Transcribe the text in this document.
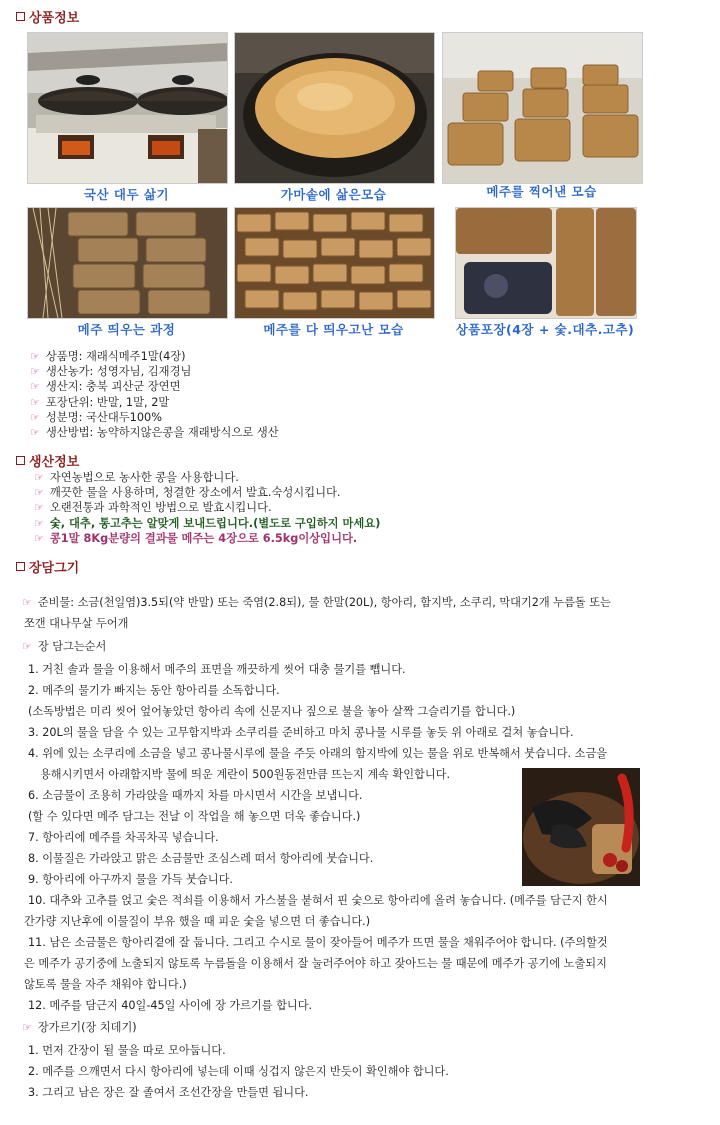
상품정보
국산 대두 삶기	가마솥에 삶은모습	메주를 찍어낸 모습
메주 띄우는 과정	메주를 다 띄우고난 모습	상품포장(4장 + 숯.대추.고추)
☞ 상품명: 재래식메주1말(4장)
☞ 생산농가: 성영자님, 김재경님
☞ 생산지: 충북 괴산군 장연면
☞ 포장단위: 반말, 1말, 2말
☞ 성분명: 국산대두100%
☞ 생산방법: 농약하지않은콩을 재래방식으로 생산
생산정보
☞ 자연농법으로 농사한 콩을 사용합니다.
☞ 깨끗한 물을 사용하며, 청결한 장소에서 발효.숙성시킵니다.
☞ 오랜전통과 과학적인 방법으로 발효시킵니다.
☞ 숯, 대추, 통고추는 알맞게 보내드립니다.(별도로 구입하지 마세요)
☞ 콩1말 8Kg분량의 결과물 메주는 4장으로 6.5kg이상입니다.
장담그기
☞ 준비물: 소금(천일염)3.5되(약 반말) 또는 죽염(2.8되), 물 한말(20L), 항아리, 함지박, 소쿠리, 막대기2개 누름돌 또는
쪼갠 대나무살 두어개
☞ 장 담그는순서
1. 거친 솔과 물을 이용해서 메주의 표면을 깨끗하게 씻어 대충 물기를 뺍니다.
2. 메주의 물기가 빠지는 동안 항아리를 소독합니다.
(소독방법은 미리 씻어 엎어놓았던 항아리 속에 신문지나 짚으로 불을 놓아 살짝 그슬리기를 합니다.)
3. 20L의 물을 담을 수 있는 고무함지박과 소쿠리를 준비하고 마치 콩나물 시루를 놓듯 위 아래로 걸쳐 놓습니다.
4. 위에 있는 소쿠리에 소금을 넣고 콩나물시루에 물을 주듯 아래의 함지박에 있는 물을 위로 반복해서 붓습니다. 소금을
용해시키면서 아래함지박 물에 띄운 계란이 500원동전만큼 뜨는지 계속 확인합니다.
6. 소금물이 조용히 가라앉을 때까지 차를 마시면서 시간을 보냅니다.
(할 수 있다면 메주 담그는 전날 이 작업을 해 놓으면 더욱 좋습니다.)
7. 항아리에 메주를 차곡차곡 넣습니다.
8. 이물질은 가라앉고 맑은 소금물만 조심스레 떠서 항아리에 붓습니다.
9. 항아리에 아구까지 물을 가득 붓습니다.
10. 대추와 고추를 얹고 숯은 적쇠를 이용해서 가스불을 붙혀서 핀 숯으로 항아리에 올려 놓습니다. (메주를 담근지 한시
간가량 지난후에 이물질이 부유 했을 때 피운 숯을 넣으면 더 좋습니다.)
11. 남은 소금물은 항아리곁에 잘 둡니다. 그리고 수시로 물이 잦아들어 메주가 뜨면 물을 채워주어야 합니다. (주의할것
은 메주가 공기중에 노출되지 않토록 누름돌을 이용해서 잘 눌러주어야 하고 잦아드는 물 때문에 메주가 공기에 노출되지
않토록 물을 자주 채워야 합니다.)
12. 메주를 담근지 40일-45일 사이에 장 가르기를 합니다.
☞ 장가르기(장 치데기)
1. 먼저 간장이 될 물을 따로 모아둡니다.
2. 메주를 으깨면서 다시 항아리에 넣는데 이때 싱겁지 않은지 반듯이 확인해야 합니다.
3. 그리고 남은 장은 잘 졸여서 조선간장을 만들면 됩니다.
